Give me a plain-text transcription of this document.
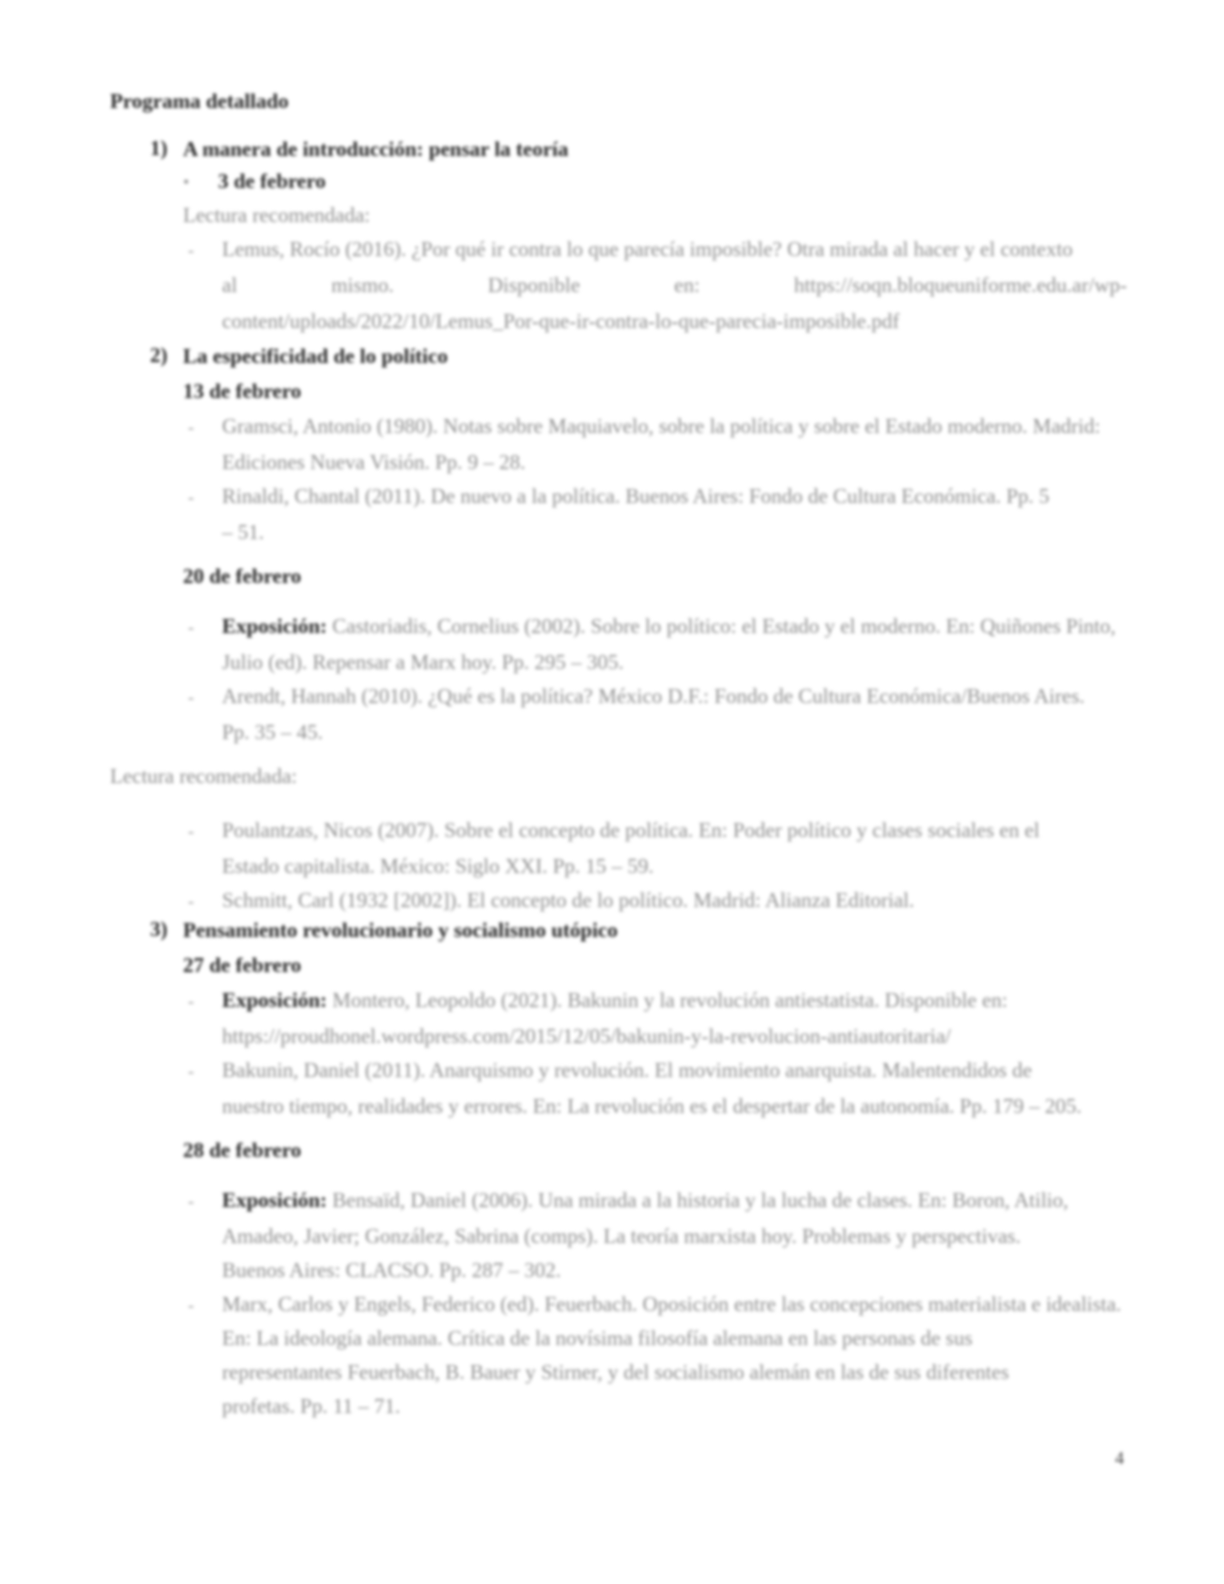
Programa detallado
1) A manera de introducción: pensar la teoría
• 3 de febrero
Lectura recomendada:
- Lemus, Rocío (2016). ¿Por qué ir contra lo que parecía imposible? Otra mirada al hacer y el contexto
al mismo. Disponible en: https://soqn.bloqueuniforme.edu.ar/wp-
content/uploads/2022/10/Lemus_Por-que-ir-contra-lo-que-parecia-imposible.pdf
2) La especificidad de lo político
13 de febrero
- Gramsci, Antonio (1980). Notas sobre Maquiavelo, sobre la política y sobre el Estado moderno. Madrid:
Ediciones Nueva Visión. Pp. 9 – 28.
- Rinaldi, Chantal (2011). De nuevo a la política. Buenos Aires: Fondo de Cultura Económica. Pp. 5
– 51.
20 de febrero
- Exposición: Castoriadis, Cornelius (2002). Sobre lo político: el Estado y el moderno. En: Quiñones Pinto,
Julio (ed). Repensar a Marx hoy. Pp. 295 – 305.
- Arendt, Hannah (2010). ¿Qué es la política? México D.F.: Fondo de Cultura Económica/Buenos Aires.
Pp. 35 – 45.
Lectura recomendada:
- Poulantzas, Nicos (2007). Sobre el concepto de política. En: Poder político y clases sociales en el
Estado capitalista. México: Siglo XXI. Pp. 15 – 59.
- Schmitt, Carl (1932 [2002]). El concepto de lo político. Madrid: Alianza Editorial.
3) Pensamiento revolucionario y socialismo utópico
27 de febrero
- Exposición: Montero, Leopoldo (2021). Bakunin y la revolución antiestatista. Disponible en:
https://proudhonel.wordpress.com/2015/12/05/bakunin-y-la-revolucion-antiautoritaria/
- Bakunin, Daniel (2011). Anarquismo y revolución. El movimiento anarquista. Malentendidos de
nuestro tiempo, realidades y errores. En: La revolución es el despertar de la autonomía. Pp. 179 – 205.
28 de febrero
- Exposición: Bensaïd, Daniel (2006). Una mirada a la historia y la lucha de clases. En: Boron, Atilio,
Amadeo, Javier; González, Sabrina (comps). La teoría marxista hoy. Problemas y perspectivas.
Buenos Aires: CLACSO. Pp. 287 – 302.
- Marx, Carlos y Engels, Federico (ed). Feuerbach. Oposición entre las concepciones materialista e idealista.
En: La ideología alemana. Crítica de la novísima filosofía alemana en las personas de sus
representantes Feuerbach, B. Bauer y Stirner, y del socialismo alemán en las de sus diferentes
profetas. Pp. 11 – 71.
4
